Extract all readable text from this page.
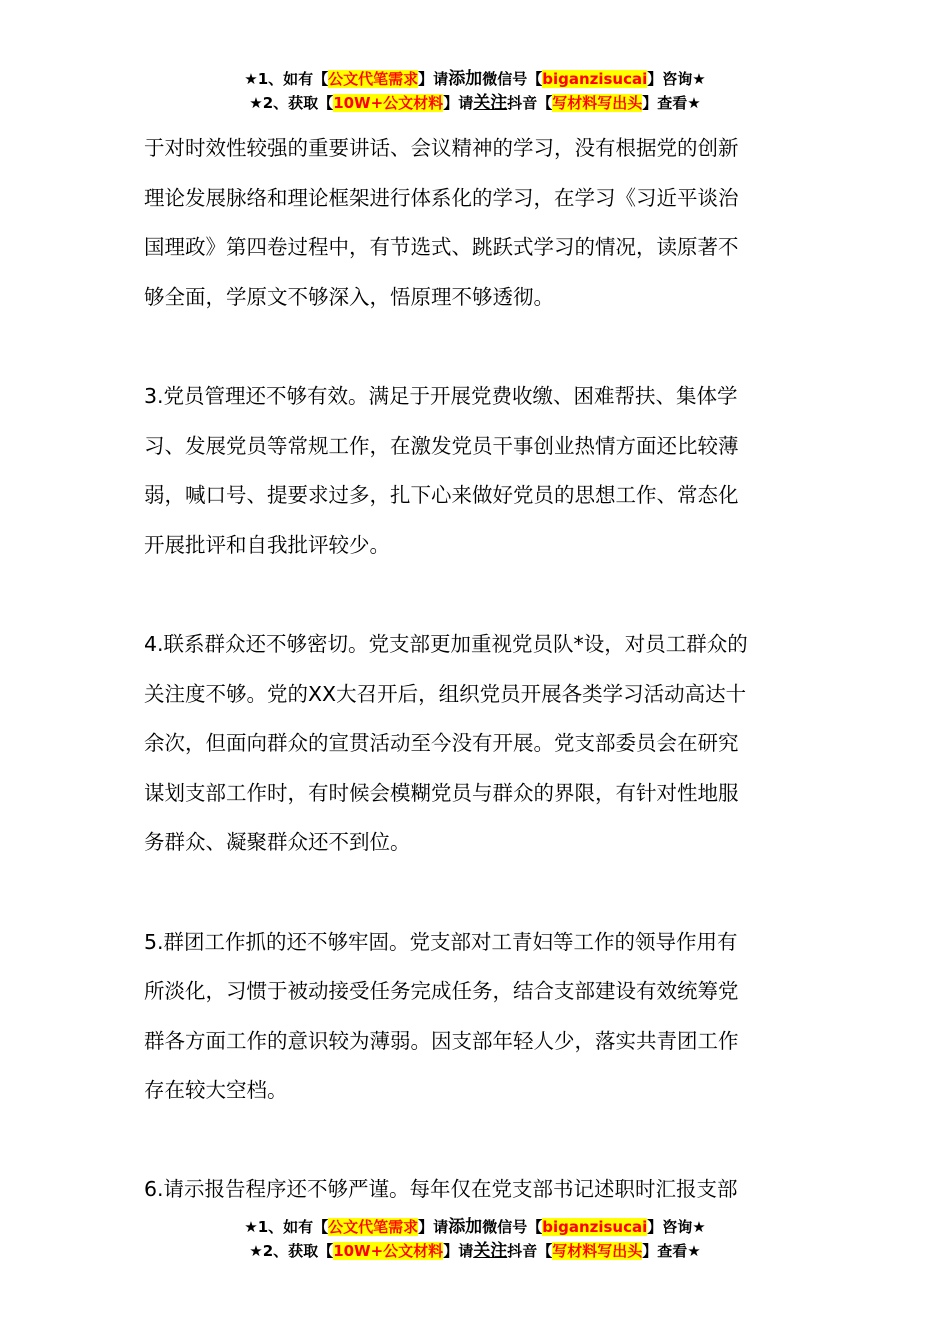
★1、如有【公文代笔需求】请添加微信号【biganzisucai】咨询★
★2、获取【10W+公文材料】请关注抖音【写材料写出头】查看★

于对时效性较强的重要讲话、会议精神的学习，没有根据党的创新
理论发展脉络和理论框架进行体系化的学习，在学习《习近平谈治
国理政》第四卷过程中，有节选式、跳跃式学习的情况，读原著不
够全面，学原文不够深入，悟原理不够透彻。

3.党员管理还不够有效。满足于开展党费收缴、困难帮扶、集体学
习、发展党员等常规工作，在激发党员干事创业热情方面还比较薄
弱，喊口号、提要求过多，扎下心来做好党员的思想工作、常态化
开展批评和自我批评较少。

4.联系群众还不够密切。党支部更加重视党员队*设，对员工群众的
关注度不够。党的XX大召开后，组织党员开展各类学习活动高达十
余次，但面向群众的宣贯活动至今没有开展。党支部委员会在研究
谋划支部工作时，有时候会模糊党员与群众的界限，有针对性地服
务群众、凝聚群众还不到位。

5.群团工作抓的还不够牢固。党支部对工青妇等工作的领导作用有
所淡化，习惯于被动接受任务完成任务，结合支部建设有效统筹党
群各方面工作的意识较为薄弱。因支部年轻人少，落实共青团工作
存在较大空档。

6.请示报告程序还不够严谨。每年仅在党支部书记述职时汇报支部

★1、如有【公文代笔需求】请添加微信号【biganzisucai】咨询★
★2、获取【10W+公文材料】请关注抖音【写材料写出头】查看★
